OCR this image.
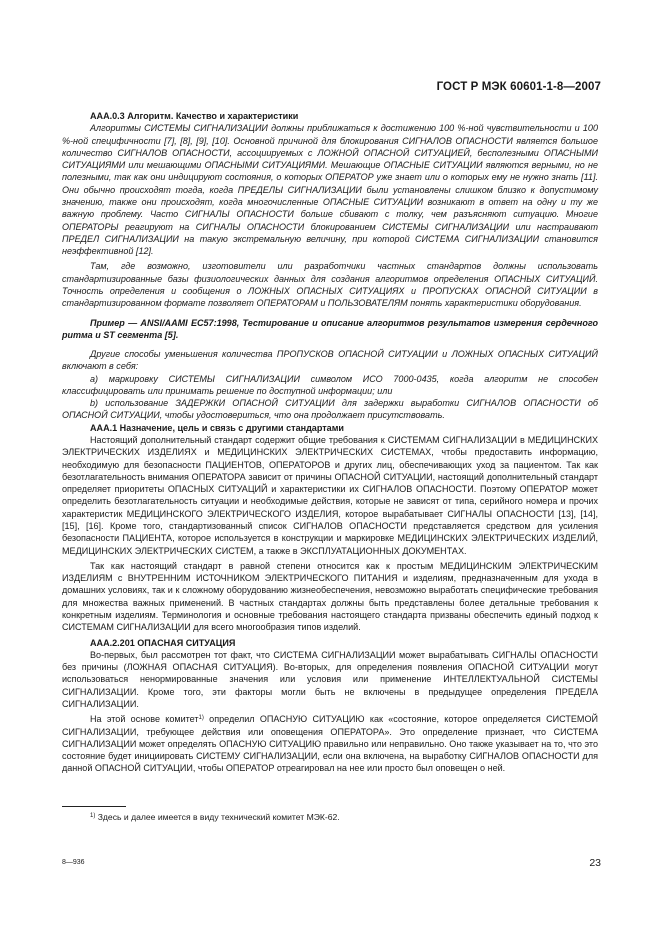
ГОСТ Р МЭК 60601-1-8—2007
ААА.0.3 Алгоритм. Качество и характеристики

Алгоритмы СИСТЕМЫ СИГНАЛИЗАЦИИ должны приближаться к достижению 100 %-ной чувствительности и 100 %-ной специфичности [7], [8], [9], [10]. Основной причиной для блокирования СИГНАЛОВ ОПАСНОСТИ является большое количество СИГНАЛОВ ОПАСНОСТИ, ассоциируемых с ЛОЖНОЙ ОПАСНОЙ СИТУАЦИЕЙ, бесполезными ОПАСНЫМИ СИТУАЦИЯМИ или мешающими ОПАСНЫМИ СИТУАЦИЯМИ. Мешающие ОПАСНЫЕ СИТУАЦИИ являются верными, но не полезными, так как они индицируют состояния, о которых ОПЕРАТОР уже знает или о которых ему не нужно знать [11]. Они обычно происходят тогда, когда ПРЕДЕЛЫ СИГНАЛИЗАЦИИ были установлены слишком близко к допустимому значению, также они происходят, когда многочисленные ОПАСНЫЕ СИТУАЦИИ возникают в ответ на одну и ту же важную проблему. Часто СИГНАЛЫ ОПАСНОСТИ больше сбивают с толку, чем разъясняют ситуацию. Многие ОПЕРАТОРЫ реагируют на СИГНАЛЫ ОПАСНОСТИ блокированием СИСТЕМЫ СИГНАЛИЗАЦИИ или настраивают ПРЕДЕЛ СИГНАЛИЗАЦИИ на такую экстремальную величину, при которой СИСТЕМА СИГНАЛИЗАЦИИ становится неэффективной [12].

Там, где возможно, изготовители или разработчики частных стандартов должны использовать стандартизированные базы физиологических данных для создания алгоритмов определения ОПАСНЫХ СИТУАЦИЙ. Точность определения и сообщения о ЛОЖНЫХ ОПАСНЫХ СИТУАЦИЯХ и ПРОПУСКАХ ОПАСНОЙ СИТУАЦИИ в стандартизированном формате позволяет ОПЕРАТОРАМ и ПОЛЬЗОВАТЕЛЯМ понять характеристики оборудования.

Пример — ANSI/AAMI EC57:1998, Тестирование и описание алгоритмов результатов измерения сердечного ритма и ST сегмента [5].

Другие способы уменьшения количества ПРОПУСКОВ ОПАСНОЙ СИТУАЦИИ и ЛОЖНЫХ ОПАСНЫХ СИТУАЦИЙ включают в себя:

a) маркировку СИСТЕМЫ СИГНАЛИЗАЦИИ символом ИСО 7000-0435, когда алгоритм не способен классифицировать или принимать решение по доступной информации; или

b) использование ЗАДЕРЖКИ ОПАСНОЙ СИТУАЦИИ для задержки выработки СИГНАЛОВ ОПАСНОСТИ об ОПАСНОЙ СИТУАЦИИ, чтобы удостовериться, что она продолжает присутствовать.

ААА.1 Назначение, цель и связь с другими стандартами

Настоящий дополнительный стандарт содержит общие требования к СИСТЕМАМ СИГНАЛИЗАЦИИ в МЕДИЦИНСКИХ ЭЛЕКТРИЧЕСКИХ ИЗДЕЛИЯХ и МЕДИЦИНСКИХ ЭЛЕКТРИЧЕСКИХ СИСТЕМАХ, чтобы предоставить информацию, необходимую для безопасности ПАЦИЕНТОВ, ОПЕРАТОРОВ и других лиц, обеспечивающих уход за пациентом. Так как безотлагательность внимания ОПЕРАТОРА зависит от причины ОПАСНОЙ СИТУАЦИИ, настоящий дополнительный стандарт определяет приоритеты ОПАСНЫХ СИТУАЦИЙ и характеристики их СИГНАЛОВ ОПАСНОСТИ. Поэтому ОПЕРАТОР может определить безотлагательность ситуации и необходимые действия, которые не зависят от типа, серийного номера и прочих характеристик МЕДИЦИНСКОГО ЭЛЕКТРИЧЕСКОГО ИЗДЕЛИЯ, которое вырабатывает СИГНАЛЫ ОПАСНОСТИ [13], [14], [15], [16]. Кроме того, стандартизованный список СИГНАЛОВ ОПАСНОСТИ представляется средством для усиления безопасности ПАЦИЕНТА, которое используется в конструкции и маркировке МЕДИЦИНСКИХ ЭЛЕКТРИЧЕСКИХ ИЗДЕЛИЙ, МЕДИЦИНСКИХ ЭЛЕКТРИЧЕСКИХ СИСТЕМ, а также в ЭКСПЛУАТАЦИОННЫХ ДОКУМЕНТАХ.

Так как настоящий стандарт в равной степени относится как к простым МЕДИЦИНСКИМ ЭЛЕКТРИЧЕСКИМ ИЗДЕЛИЯМ с ВНУТРЕННИМ ИСТОЧНИКОМ ЭЛЕКТРИЧЕСКОГО ПИТАНИЯ и изделиям, предназначенным для ухода в домашних условиях, так и к сложному оборудованию жизнеобеспечения, невозможно выработать специфические требования для множества важных применений. В частных стандартах должны быть представлены более детальные требования к конкретным изделиям. Терминология и основные требования настоящего стандарта призваны обеспечить единый подход к СИСТЕМАМ СИГНАЛИЗАЦИИ для всего многообразия типов изделий.

ААА.2.201 ОПАСНАЯ СИТУАЦИЯ

Во-первых, был рассмотрен тот факт, что СИСТЕМА СИГНАЛИЗАЦИИ может вырабатывать СИГНАЛЫ ОПАСНОСТИ без причины (ЛОЖНАЯ ОПАСНАЯ СИТУАЦИЯ). Во-вторых, для определения появления ОПАСНОЙ СИТУАЦИИ могут использоваться ненормированные значения или условия или применение ИНТЕЛЛЕКТУАЛЬНОЙ СИСТЕМЫ СИГНАЛИЗАЦИИ. Кроме того, эти факторы могли быть не включены в предыдущее определения ПРЕДЕЛА СИГНАЛИЗАЦИИ.

На этой основе комитет$^{1)}$ определил ОПАСНУЮ СИТУАЦИЮ как «состояние, которое определяется СИСТЕМОЙ СИГНАЛИЗАЦИИ, требующее действия или оповещения ОПЕРАТОРА». Это определение признает, что СИСТЕМА СИГНАЛИЗАЦИИ может определять ОПАСНУЮ СИТУАЦИЮ правильно или неправильно. Оно также указывает на то, что это состояние будет инициировать СИСТЕМУ СИГНАЛИЗАЦИИ, если она включена, на выработку СИГНАЛОВ ОПАСНОСТИ для данной ОПАСНОЙ СИТУАЦИИ, чтобы ОПЕРАТОР отреагировал на нее или просто был оповещен о ней.

$^{1)}$ Здесь и далее имеется в виду технический комитет МЭК-62.
8—936	23
